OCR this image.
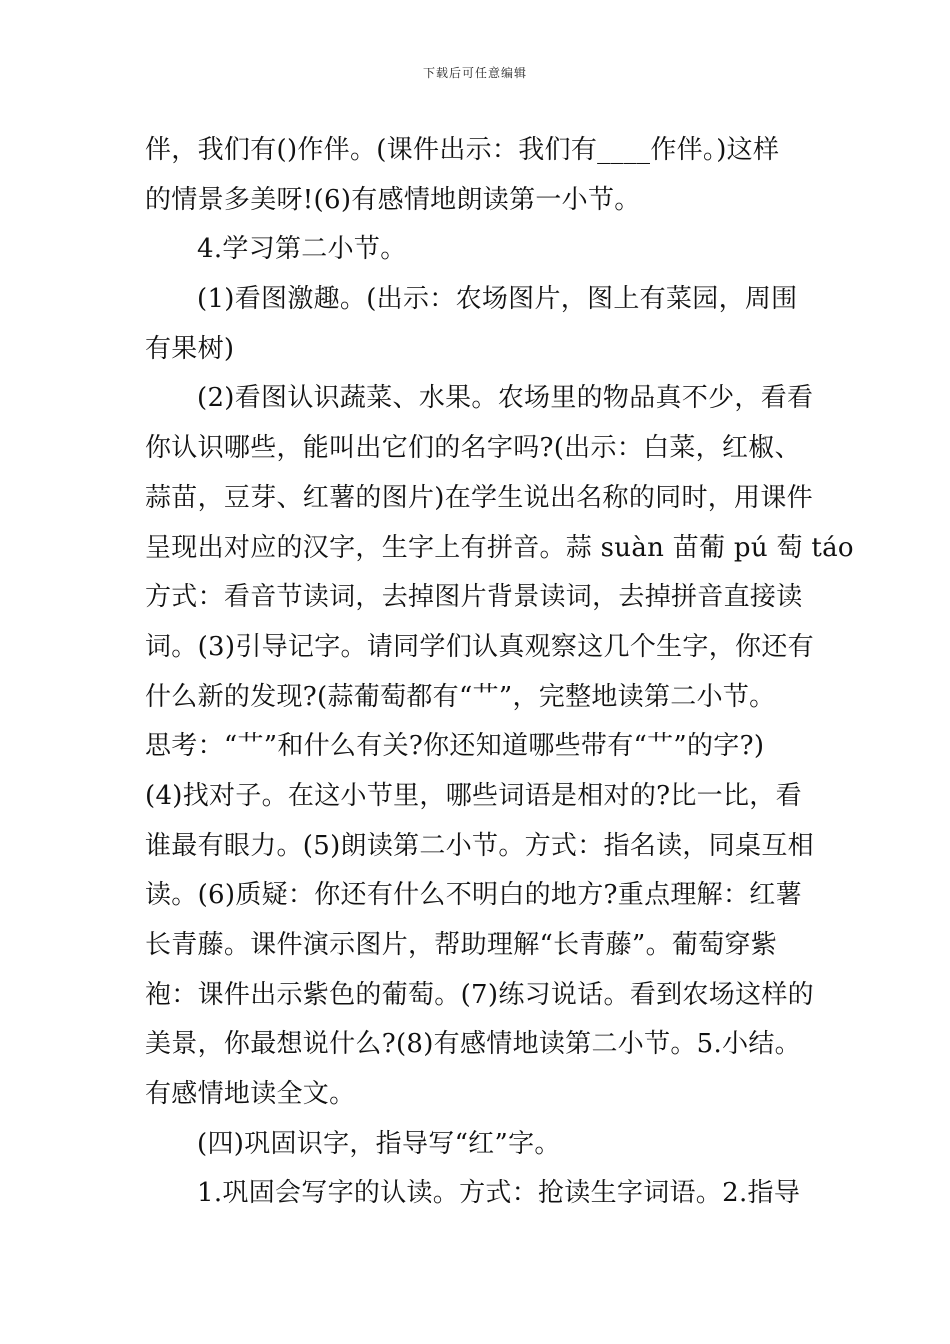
下载后可任意编辑
伴，我们有()作伴。(课件出示：我们有____作伴。)这样
的情景多美呀!(6)有感情地朗读第一小节。
4.学习第二小节。
(1)看图激趣。(出示：农场图片，图上有菜园，周围
有果树)
(2)看图认识蔬菜、水果。农场里的物品真不少，看看
你认识哪些，能叫出它们的名字吗?(出示：白菜，红椒、
蒜苗，豆芽、红薯的图片)在学生说出名称的同时，用课件
呈现出对应的汉字，生字上有拼音。蒜 suàn 苗葡 pú 萄 táo
方式：看音节读词，去掉图片背景读词，去掉拼音直接读
词。(3)引导记字。请同学们认真观察这几个生字，你还有
什么新的发现?(蒜葡萄都有“艹”，完整地读第二小节。
思考：“艹”和什么有关?你还知道哪些带有“艹”的字?)
(4)找对子。在这小节里，哪些词语是相对的?比一比，看
谁最有眼力。(5)朗读第二小节。方式：指名读，同桌互相
读。(6)质疑：你还有什么不明白的地方?重点理解：红薯
长青藤。课件演示图片，帮助理解“长青藤”。葡萄穿紫
袍：课件出示紫色的葡萄。(7)练习说话。看到农场这样的
美景，你最想说什么?(8)有感情地读第二小节。5.小结。
有感情地读全文。
(四)巩固识字，指导写“红”字。
1.巩固会写字的认读。方式：抢读生字词语。2.指导
